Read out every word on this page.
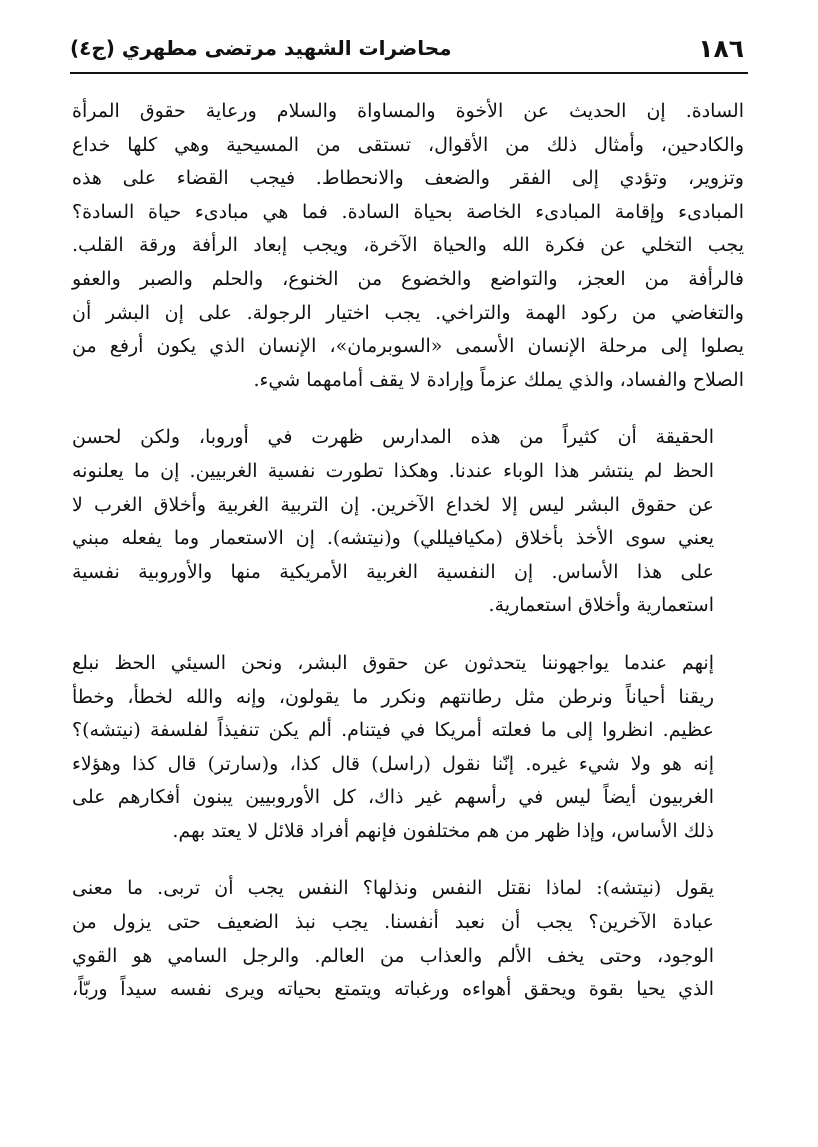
محاضرات الشهيد مرتضى مطهري (ج٤)	١٨٦

السادة. إن الحديث عن الأخوة والمساواة والسلام ورعاية حقوق المرأة
والكادحين، وأمثال ذلك من الأقوال، تستقى من المسيحية وهي كلها خداع
وتزوير، وتؤدي إلى الفقر والضعف والانحطاط. فيجب القضاء على هذه
المبادىء وإقامة المبادىء الخاصة بحياة السادة. فما هي مبادىء حياة السادة؟
يجب التخلي عن فكرة الله والحياة الآخرة، ويجب إبعاد الرأفة ورقة القلب.
فالرأفة من العجز، والتواضع والخضوع من الخنوع، والحلم والصبر والعفو
والتغاضي من ركود الهمة والتراخي. يجب اختيار الرجولة. على إن البشر أن
يصلوا إلى مرحلة الإنسان الأسمى «السوبرمان»، الإنسان الذي يكون أرفع من
الصلاح والفساد، والذي يملك عزماً وإرادة لا يقف أمامهما شيء.

الحقيقة أن كثيراً من هذه المدارس ظهرت في أوروبا، ولكن لحسن
الحظ لم ينتشر هذا الوباء عندنا. وهكذا تطورت نفسية الغربيين. إن ما يعلنونه
عن حقوق البشر ليس إلا لخداع الآخرين. إن التربية الغربية وأخلاق الغرب لا
يعني سوى الأخذ بأخلاق (مكيافيللي) و(نيتشه). إن الاستعمار وما يفعله مبني
على هذا الأساس. إن النفسية الغربية الأمريكية منها والأوروبية نفسية
استعمارية وأخلاق استعمارية.

إنهم عندما يواجهوننا يتحدثون عن حقوق البشر، ونحن السيئي الحظ نبلع
ريقنا أحياناً ونرطن مثل رطانتهم ونكرر ما يقولون، وإنه والله لخطأ، وخطأ
عظيم. انظروا إلى ما فعلته أمريكا في فيتنام. ألم يكن تنفيذاً لفلسفة (نيتشه)؟
إنه هو ولا شيء غيره. إنّنا نقول (راسل) قال كذا، و(سارتر) قال كذا وهؤلاء
الغربيون أيضاً ليس في رأسهم غير ذاك، كل الأوروبيين يبنون أفكارهم على
ذلك الأساس، وإذا ظهر من هم مختلفون فإنهم أفراد قلائل لا يعتد بهم.

يقول (نيتشه): لماذا نقتل النفس ونذلها؟ النفس يجب أن تربى. ما معنى
عبادة الآخرين؟ يجب أن نعبد أنفسنا. يجب نبذ الضعيف حتى يزول من
الوجود، وحتى يخف الألم والعذاب من العالم. والرجل السامي هو القوي
الذي يحيا بقوة ويحقق أهواءه ورغباته ويتمتع بحياته ويرى نفسه سيداً وربّاً،
